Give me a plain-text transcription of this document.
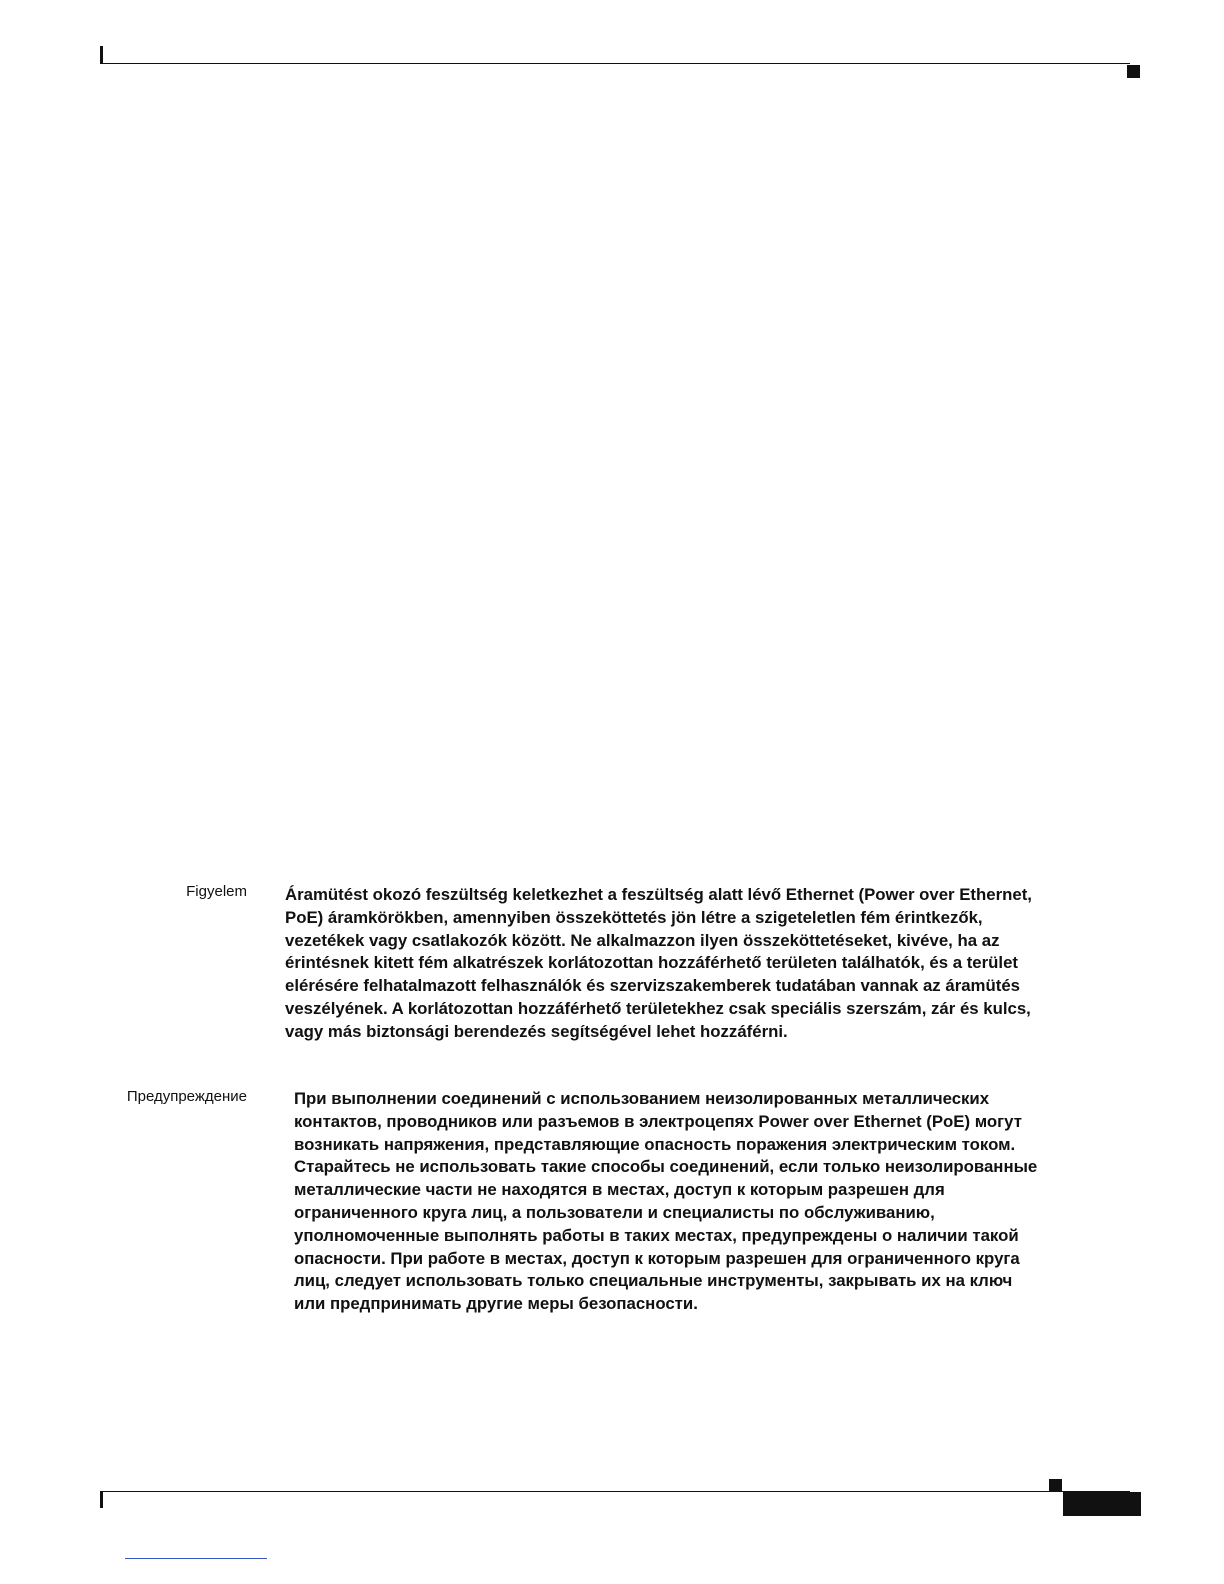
Figyelem Áramütést okozó feszültség keletkezhet a feszültség alatt lévő Ethernet (Power over Ethernet,
PoE) áramkörökben, amennyiben összeköttetés jön létre a szigeteletlen fém érintkezők,
vezetékek vagy csatlakozók között. Ne alkalmazzon ilyen összeköttetéseket, kivéve, ha az
érintésnek kitett fém alkatrészek korlátozottan hozzáférhető területen találhatók, és a terület
elérésére felhatalmazott felhasználók és szervizszakemberek tudatában vannak az áramütés
veszélyének. A korlátozottan hozzáférhető területekhez csak speciális szerszám, zár és kulcs,
vagy más biztonsági berendezés segítségével lehet hozzáférni.

Предупреждение	При выполнении соединений с использованием неизолированных металлических
контактов, проводников или разъемов в электроцепях Power over Ethernet (PoE) могут
возникать напряжения, представляющие опасность поражения электрическим током.
Старайтесь не использовать такие способы соединений, если только неизолированные
металлические части не находятся в местах, доступ к которым разрешен для
ограниченного круга лиц, а пользователи и специалисты по обслуживанию,
уполномоченные выполнять работы в таких местах, предупреждены о наличии такой
опасности. При работе в местах, доступ к которым разрешен для ограниченного круга
лиц, следует использовать только специальные инструменты, закрывать их на ключ
или предпринимать другие меры безопасности.
